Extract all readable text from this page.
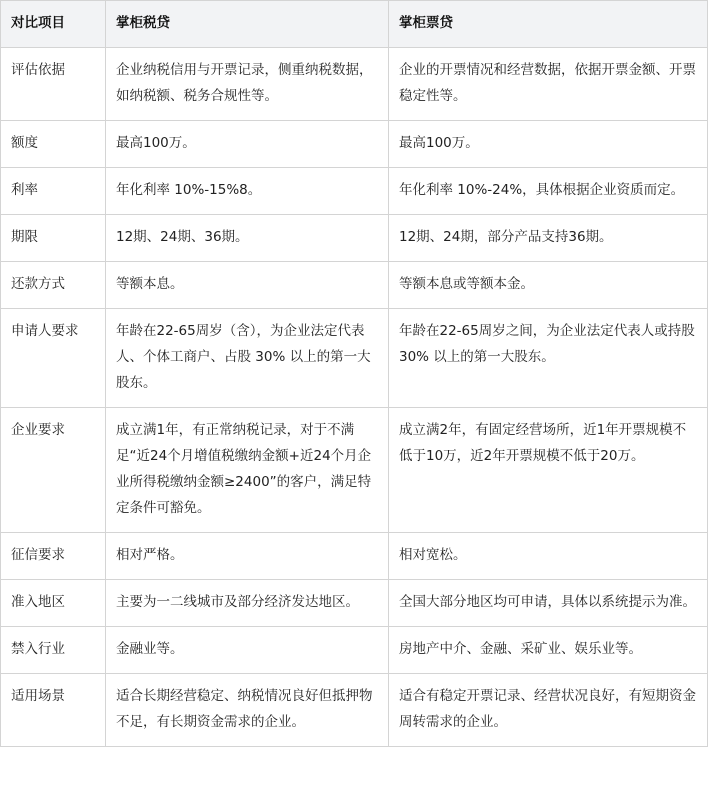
对比项目	掌柜税贷	掌柜票贷
评估依据	企业纳税信用与开票记录，侧重纳税数据，如纳税额、税务合规性等。	企业的开票情况和经营数据，依据开票金额、开票稳定性等。
额度	最高100万。	最高100万。
利率	年化利率 10%-15%8。	年化利率 10%-24%，具体根据企业资质而定。
期限	12期、24期、36期。	12期、24期，部分产品支持36期。
还款方式	等额本息。	等额本息或等额本金。
申请人要求	年龄在22-65周岁（含），为企业法定代表人、个体工商户、占股 30% 以上的第一大股东。	年龄在22-65周岁之间，为企业法定代表人或持股 30% 以上的第一大股东。
企业要求	成立满1年，有正常纳税记录，对于不满足“近24个月增值税缴纳金额+近24个月企业所得税缴纳金额≥2400”的客户，满足特定条件可豁免。	成立满2年，有固定经营场所，近1年开票规模不低于10万，近2年开票规模不低于20万。
征信要求	相对严格。	相对宽松。
准入地区	主要为一二线城市及部分经济发达地区。	全国大部分地区均可申请，具体以系统提示为准。
禁入行业	金融业等。	房地产中介、金融、采矿业、娱乐业等。
适用场景	适合长期经营稳定、纳税情况良好但抵押物不足，有长期资金需求的企业。	适合有稳定开票记录、经营状况良好，有短期资金周转需求的企业。
